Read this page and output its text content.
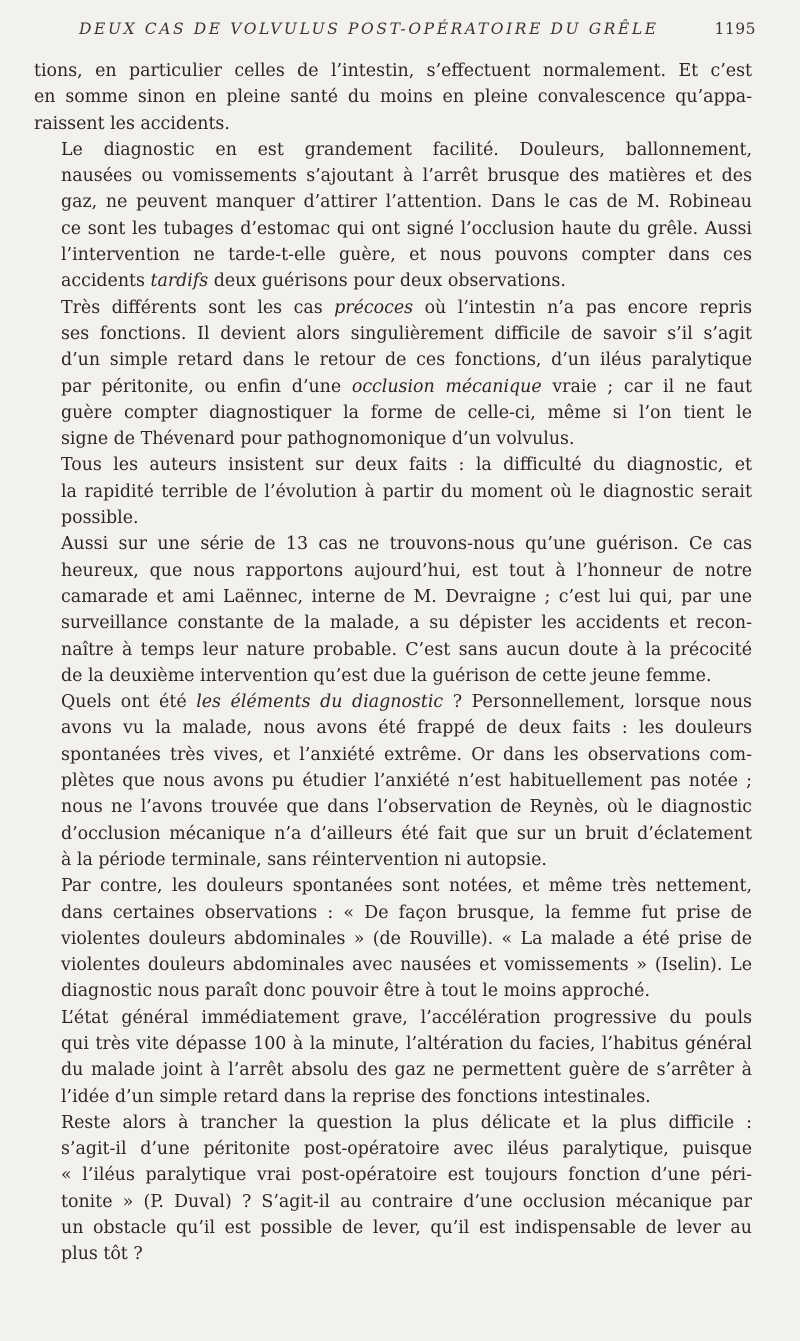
DEUX CAS DE VOLVULUS POST-OPÉRATOIRE DU GRÊLE	1195

tions, en particulier celles de l’intestin, s’effectuent normalement. Et c’est
en somme sinon en pleine santé du moins en pleine convalescence qu’appa-
raissent les accidents.

Le diagnostic en est grandement facilité. Douleurs, ballonnement,
nausées ou vomissements s’ajoutant à l’arrêt brusque des matières et des
gaz, ne peuvent manquer d’attirer l’attention. Dans le cas de M. Robineau
ce sont les tubages d’estomac qui ont signé l’occlusion haute du grêle. Aussi
l’intervention ne tarde-t-elle guère, et nous pouvons compter dans ces
accidents tardifs deux guérisons pour deux observations.

Très différents sont les cas précoces où l’intestin n’a pas encore repris
ses fonctions. Il devient alors singulièrement difficile de savoir s’il s’agit
d’un simple retard dans le retour de ces fonctions, d’un iléus paralytique
par péritonite, ou enfin d’une occlusion mécanique vraie ; car il ne faut
guère compter diagnostiquer la forme de celle-ci, même si l’on tient le
signe de Thévenard pour pathognomonique d’un volvulus.

Tous les auteurs insistent sur deux faits : la difficulté du diagnostic, et
la rapidité terrible de l’évolution à partir du moment où le diagnostic serait
possible.

Aussi sur une série de 13 cas ne trouvons-nous qu’une guérison. Ce cas
heureux, que nous rapportons aujourd’hui, est tout à l’honneur de notre
camarade et ami Laënnec, interne de M. Devraigne ; c’est lui qui, par une
surveillance constante de la malade, a su dépister les accidents et recon-
naître à temps leur nature probable. C’est sans aucun doute à la précocité
de la deuxième intervention qu’est due la guérison de cette jeune femme.

Quels ont été les éléments du diagnostic ? Personnellement, lorsque nous
avons vu la malade, nous avons été frappé de deux faits : les douleurs
spontanées très vives, et l’anxiété extrême. Or dans les observations com-
plètes que nous avons pu étudier l’anxiété n’est habituellement pas notée ;
nous ne l’avons trouvée que dans l’observation de Reynès, où le diagnostic
d’occlusion mécanique n’a d’ailleurs été fait que sur un bruit d’éclatement
à la période terminale, sans réintervention ni autopsie.

Par contre, les douleurs spontanées sont notées, et même très nettement,
dans certaines observations : « De façon brusque, la femme fut prise de
violentes douleurs abdominales » (de Rouville). « La malade a été prise de
violentes douleurs abdominales avec nausées et vomissements » (Iselin). Le
diagnostic nous paraît donc pouvoir être à tout le moins approché.

L’état général immédiatement grave, l’accélération progressive du pouls
qui très vite dépasse 100 à la minute, l’altération du facies, l’habitus général
du malade joint à l’arrêt absolu des gaz ne permettent guère de s’arrêter à
l’idée d’un simple retard dans la reprise des fonctions intestinales.

Reste alors à trancher la question la plus délicate et la plus difficile :
s’agit-il d’une péritonite post-opératoire avec iléus paralytique, puisque
« l’iléus paralytique vrai post-opératoire est toujours fonction d’une péri-
tonite » (P. Duval) ? S’agit-il au contraire d’une occlusion mécanique par
un obstacle qu’il est possible de lever, qu’il est indispensable de lever au
plus tôt ?
